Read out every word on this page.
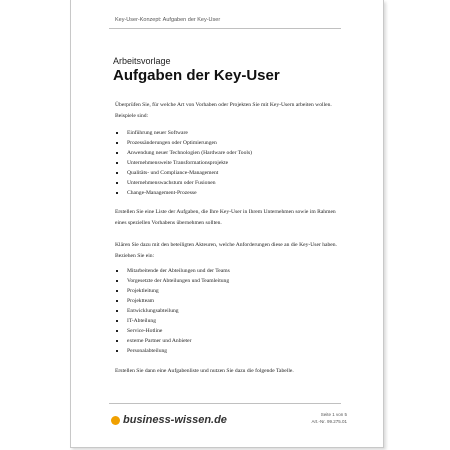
Key-User-Konzept: Aufgaben der Key-User
Arbeitsvorlage
Aufgaben der Key-User

Überprüfen Sie, für welche Art von Vorhaben oder Projekten Sie mit Key-Usern arbeiten wollen. Beispiele sind:

Einführung neuer Software
Prozessänderungen oder Optimierungen
Anwendung neuer Technologien (Hardware oder Tools)
Unternehmensweite Transformationsprojekte
Qualitäts- und Compliance-Management
Unternehmenswachstum oder Fusionen
Change-Management-Prozesse

Erstellen Sie eine Liste der Aufgaben, die Ihre Key-User in Ihrem Unternehmen sowie im Rahmen eines speziellen Vorhabens übernehmen sollten.

Klären Sie dazu mit den beteiligten Akteuren, welche Anforderungen diese an die Key-User haben. Beziehen Sie ein:

Mitarbeitende der Abteilungen und der Teams
Vorgesetzte der Abteilungen und Teamleitung
Projektleitung
Projektteam
Entwicklungsabteilung
IT-Abteilung
Service-Hotline
externe Partner und Anbieter
Personalabteilung

Erstellen Sie dann eine Aufgabenliste und nutzen Sie dazu die folgende Tabelle.

business-wissen.de	Seite 1 von 5
Art.-Nr. 99.275.01
